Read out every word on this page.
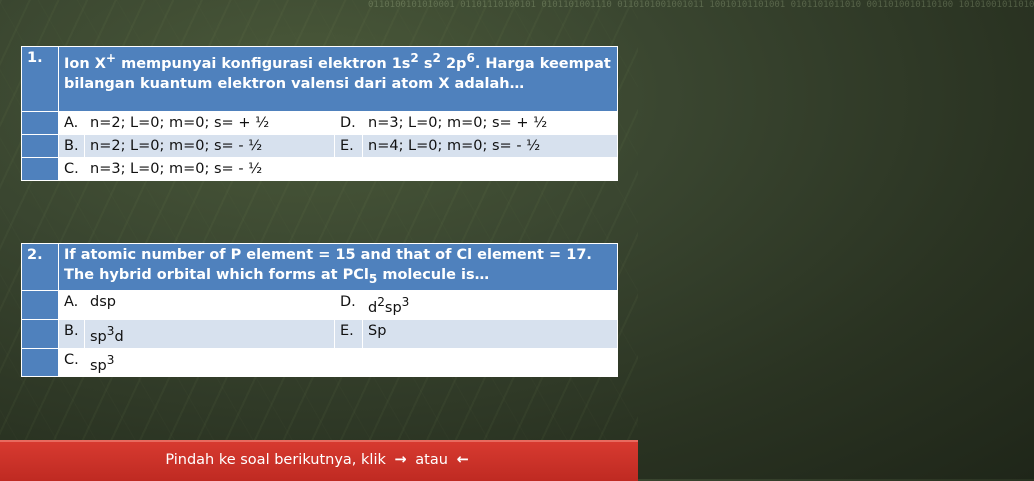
0110100101010001 01101110100101 0101101001110 0110101001001011 10010101101001 0101101011010 0011010010110100 10101001011010
1.	Ion X+ mempunyai konfigurasi elektron $1s^2$ $s^2$ $2p^6$. Harga keempat bilangan kuantum elektron valensi dari atom X adalah…			
	A.	n=2; L=0; m=0; s= + ½	D.	n=3; L=0; m=0; s= + ½
	B.	n=2; L=0; m=0; s= - ½	E.	n=4; L=0; m=0; s= - ½
	C.	n=3; L=0; m=0; s= - ½		
2.	If atomic number of P element = 15 and that of Cl element = 17. The hybrid orbital which forms at PCl$_5$ molecule is…			
	A.	dsp	D.	$d^2sp^3$
	B.	$sp^3d$	E.	Sp
	C.	$sp^3$		
Pindah ke soal berikutnya, klik → atau ←
